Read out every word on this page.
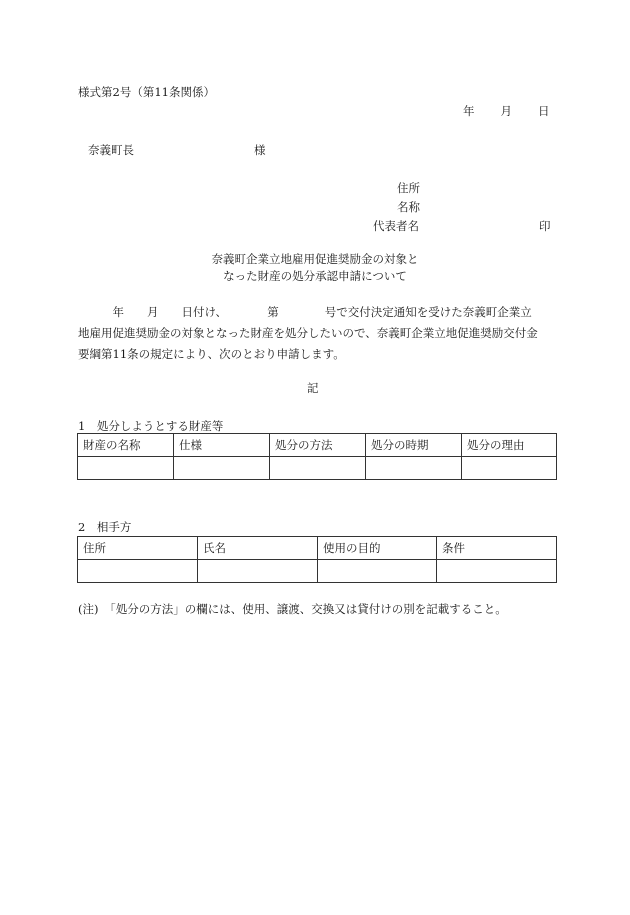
様式第2号（第11条関係）
年 月 日
奈義町長	様
住所
名称
代表者名	印
奈義町企業立地雇用促進奨励金の対象と
なった財産の処分承認申請について
　　　年　　月　　日付け、　　　　第　　　　号で交付決定通知を受けた奈義町企業立
地雇用促進奨励金の対象となった財産を処分したいので、奈義町企業立地促進奨励交付金
要綱第11条の規定により、次のとおり申請します。
記
1　処分しようとする財産等
財産の名称	仕様	処分の方法	処分の時期	処分の理由

2　相手方
住所	氏名	使用の目的	条件

(注)　「処分の方法」の欄には、使用、譲渡、交換又は貸付けの別を記載すること。
